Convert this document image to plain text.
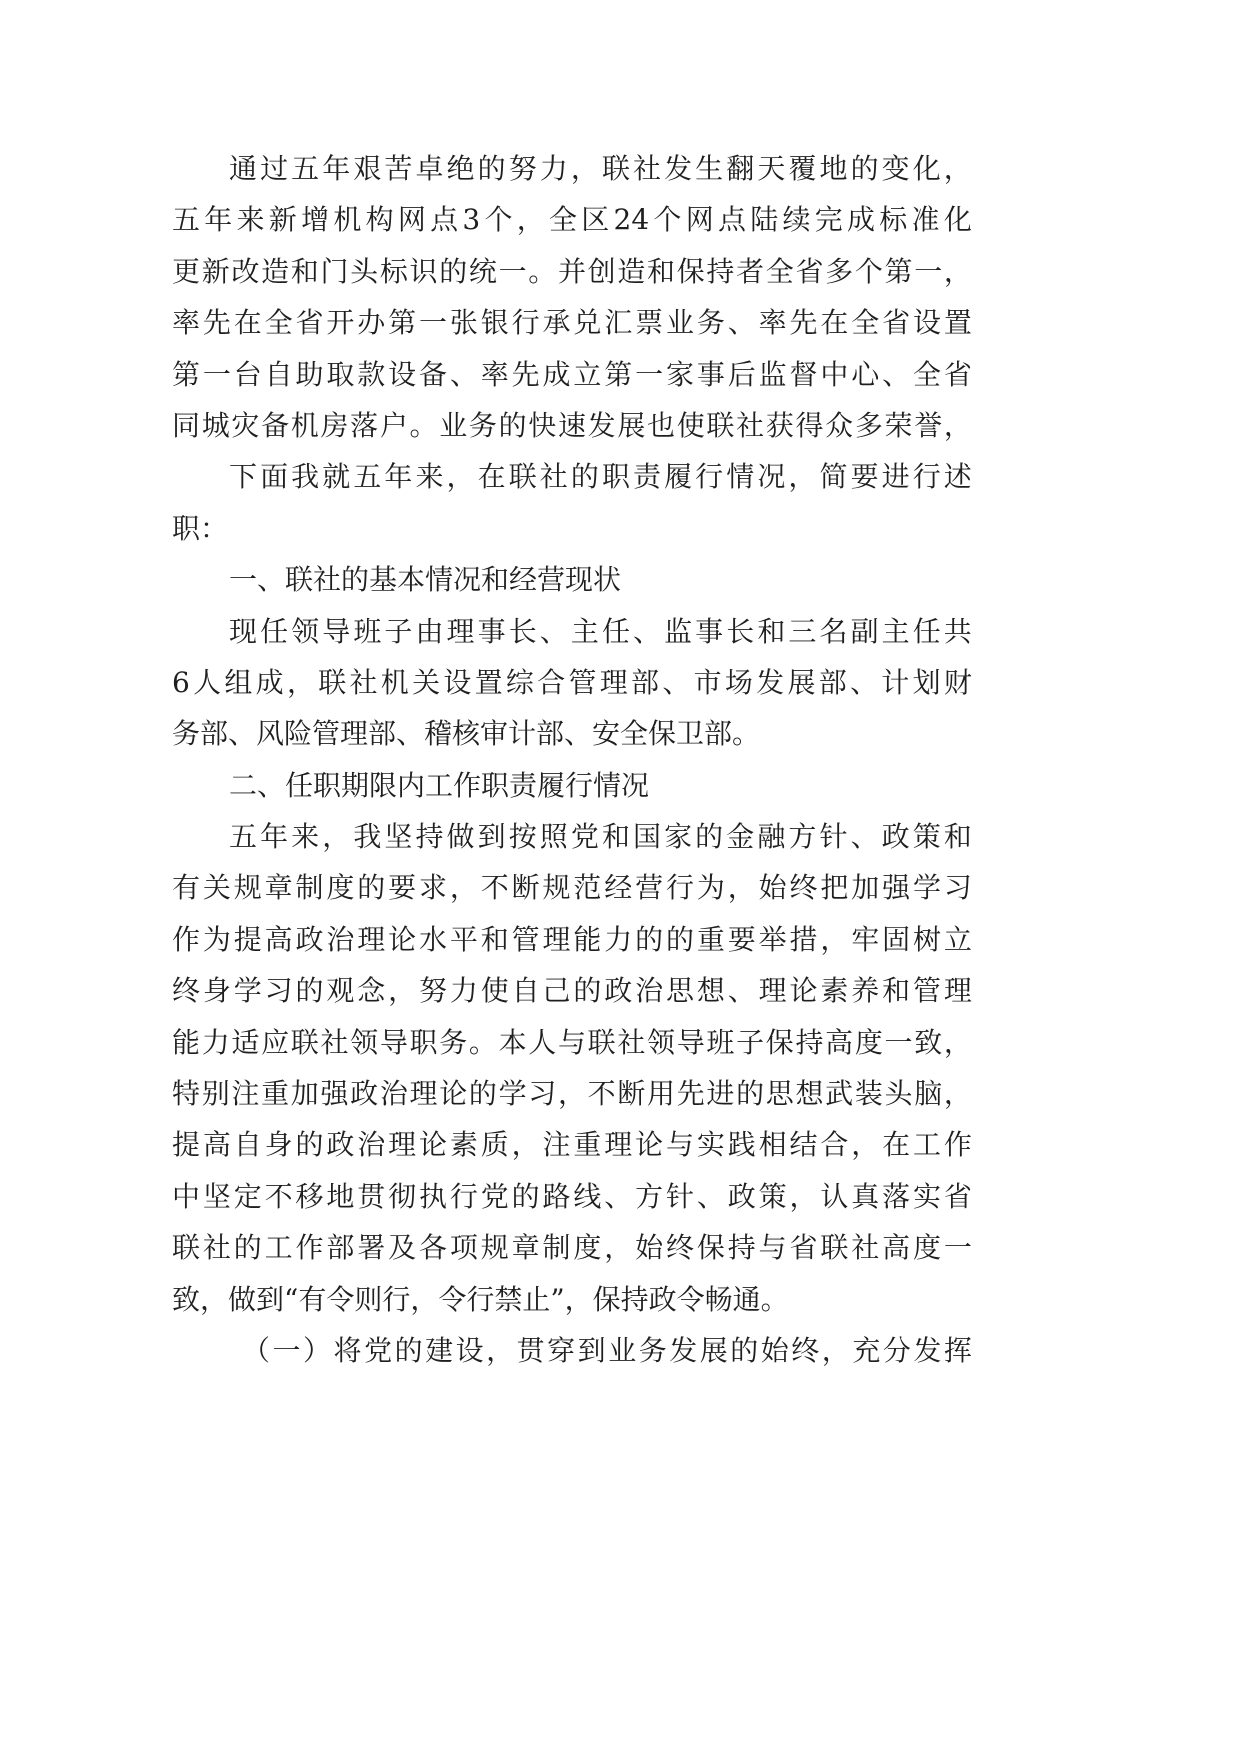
通 过 五 年 艰 苦 卓 绝 的 努 力 ， 联 社 发 生 翻 天 覆 地 的 变 化 ，
五 年 来 新 增 机 构 网 点 3 个 ， 全 区 24 个 网 点 陆 续 完 成 标 准 化
更 新 改 造 和 门 头 标 识 的 统 一 。 并 创 造 和 保 持 者 全 省 多 个 第 一 ，
率 先 在 全 省 开 办 第 一 张 银 行 承 兑 汇 票 业 务 、 率 先 在 全 省 设 置
第 一 台 自 助 取 款 设 备 、 率 先 成 立 第 一 家 事 后 监 督 中 心 、 全 省
同 城 灾 备 机 房 落 户 。 业 务 的 快 速 发 展 也 使 联 社 获 得 众 多 荣 誉 ，
下 面 我 就 五 年 来 ， 在 联 社 的 职 责 履 行 情 况 ， 简 要 进 行 述
职：
一、联社的基本情况和经营现状
现 任 领 导 班 子 由 理 事 长 、 主 任 、 监 事 长 和 三 名 副 主 任 共
6 人 组 成 ， 联 社 机 关 设 置 综 合 管 理 部 、 市 场 发 展 部 、 计 划 财
务部、风险管理部、稽核审计部、安全保卫部。
二、任职期限内工作职责履行情况
五 年 来 ， 我 坚 持 做 到 按 照 党 和 国 家 的 金 融 方 针 、 政 策 和
有 关 规 章 制 度 的 要 求 ， 不 断 规 范 经 营 行 为 ， 始 终 把 加 强 学 习
作 为 提 高 政 治 理 论 水 平 和 管 理 能 力 的 的 重 要 举 措 ， 牢 固 树 立
终 身 学 习 的 观 念 ， 努 力 使 自 己 的 政 治 思 想 、 理 论 素 养 和 管 理
能 力 适 应 联 社 领 导 职 务 。 本 人 与 联 社 领 导 班 子 保 持 高 度 一 致 ，
特 别 注 重 加 强 政 治 理 论 的 学 习 ， 不 断 用 先 进 的 思 想 武 装 头 脑 ，
提 高 自 身 的 政 治 理 论 素 质 ， 注 重 理 论 与 实 践 相 结 合 ， 在 工 作
中 坚 定 不 移 地 贯 彻 执 行 党 的 路 线 、 方 针 、 政 策 ， 认 真 落 实 省
联 社 的 工 作 部 署 及 各 项 规 章 制 度 ， 始 终 保 持 与 省 联 社 高 度 一
致，做到“有令则行，令行禁止”，保持政令畅通。
（ 一 ） 将 党 的 建 设 ， 贯 穿 到 业 务 发 展 的 始 终 ， 充 分 发 挥
